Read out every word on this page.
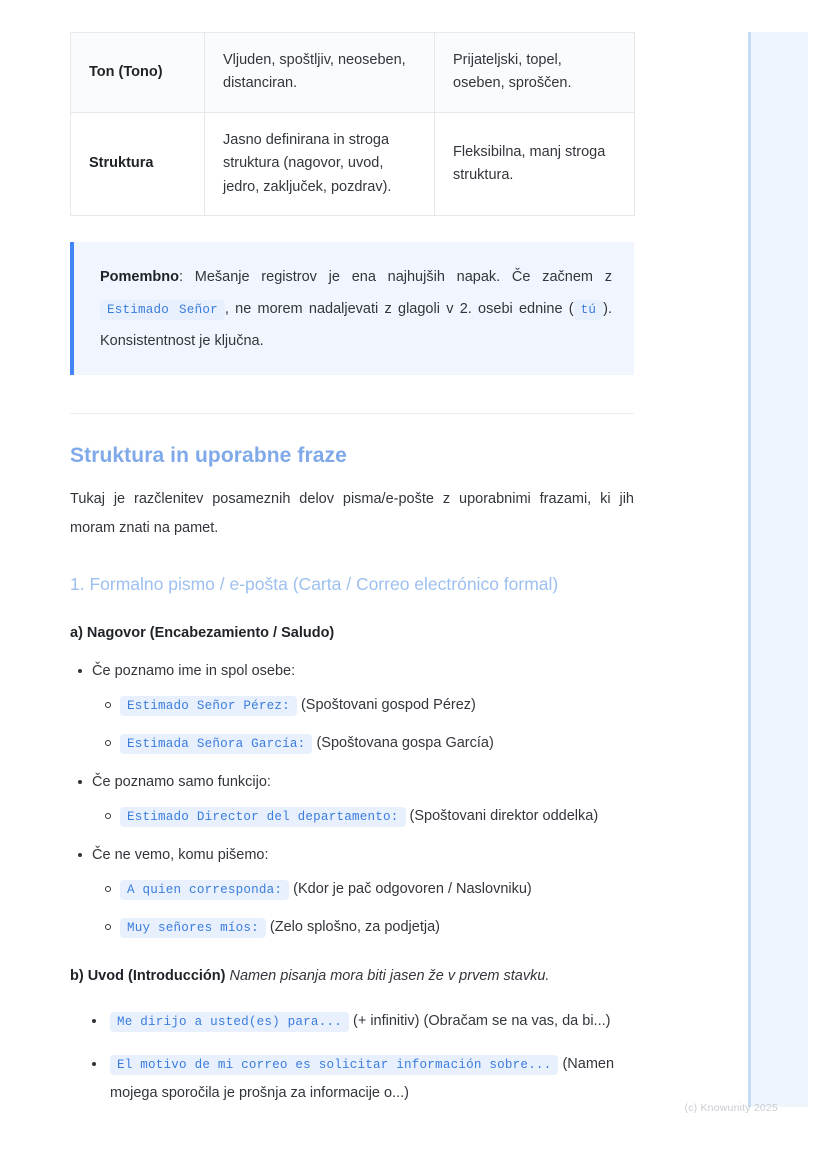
Ton (Tono)	Vljuden, spoštljiv, neoseben, distanciran.	Prijateljski, topel, oseben, sproščen.
Struktura	Jasno definirana in stroga struktura (nagovor, uvod, jedro, zaključek, pozdrav).	Fleksibilna, manj stroga struktura.
Pomembno: Mešanje registrov je ena najhujših napak. Če začnem z Estimado Señor , ne morem nadaljevati z glagoli v 2. osebi ednine ( tú ). Konsistentnost je ključna.
Struktura in uporabne fraze

Tukaj je razčlenitev posameznih delov pisma/e-pošte z uporabnimi frazami, ki jih moram znati na pamet.

1. Formalno pismo / e-pošta (Carta / Correo electrónico formal)

a) Nagovor (Encabezamiento / Saludo)

Če poznamo ime in spol osebe:
Estimado Señor Pérez: (Spoštovani gospod Pérez)
Estimada Señora García: (Spoštovana gospa García)
Če poznamo samo funkcijo:
Estimado Director del departamento: (Spoštovani direktor oddelka)
Če ne vemo, komu pišemo:
A quien corresponda: (Kdor je pač odgovoren / Naslovniku)
Muy señores míos: (Zelo splošno, za podjetja)

b) Uvod (Introducción) Namen pisanja mora biti jasen že v prvem stavku.

Me dirijo a usted(es) para... (+ infinitiv) (Obračam se na vas, da bi...)
El motivo de mi correo es solicitar información sobre... (Namen mojega sporočila je prošnja za informacije o...)
(c) Knowunity 2025
